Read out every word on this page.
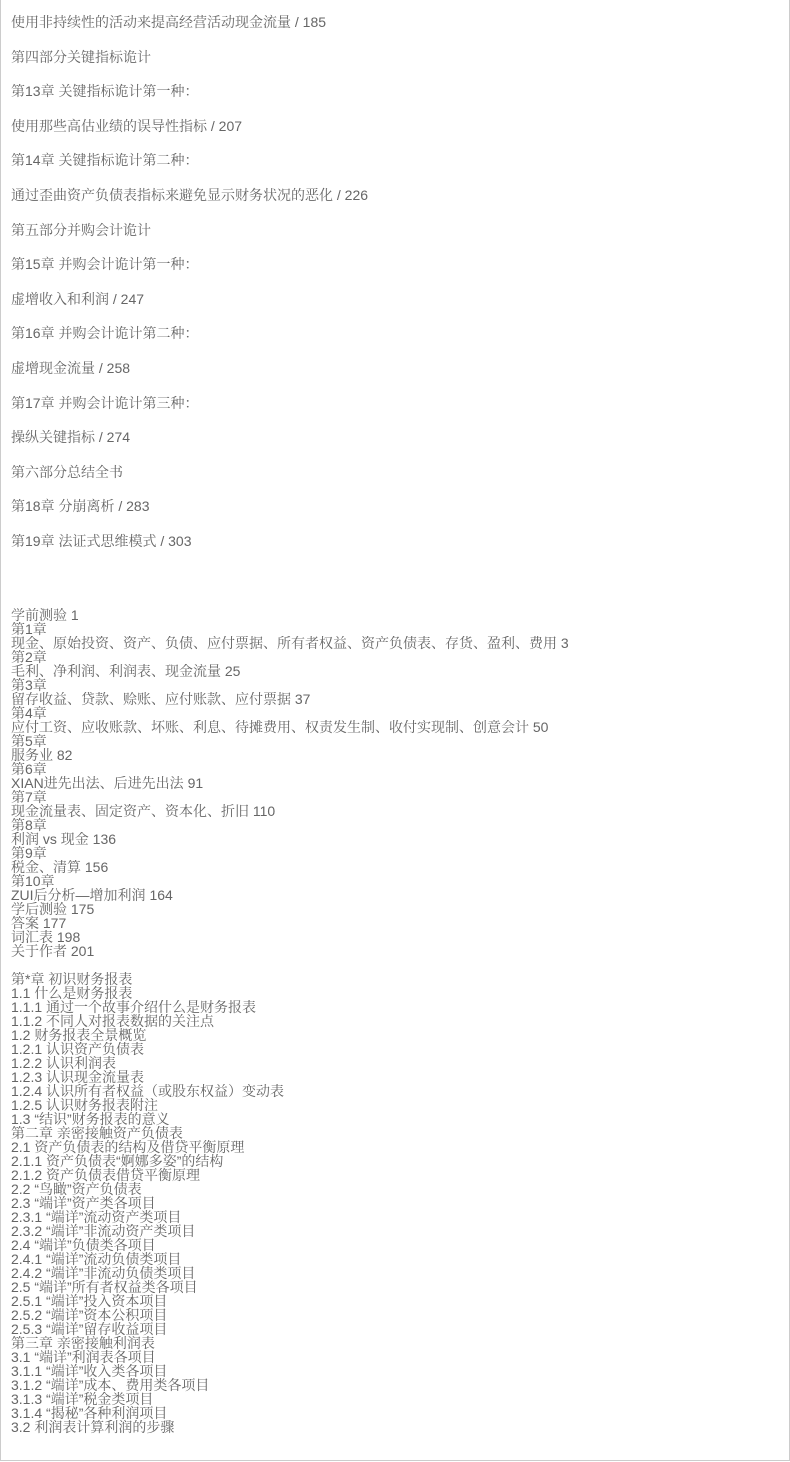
使用非持续性的活动来提高经营活动现金流量 / 185
第四部分关键指标诡计
第13章 关键指标诡计第一种：
使用那些高估业绩的误导性指标 / 207
第14章 关键指标诡计第二种：
通过歪曲资产负债表指标来避免显示财务状况的恶化 / 226
第五部分并购会计诡计
第15章 并购会计诡计第一种：
虚增收入和利润 / 247
第16章 并购会计诡计第二种：
虚增现金流量 / 258
第17章 并购会计诡计第三种：
操纵关键指标 / 274
第六部分总结全书
第18章 分崩离析 / 283
第19章 法证式思维模式 / 303
学前测验 1
第1章
现金、原始投资、资产、负债、应付票据、所有者权益、资产负债表、存货、盈利、费用 3
第2章
毛利、净利润、利润表、现金流量 25
第3章
留存收益、贷款、赊账、应付账款、应付票据 37
第4章
应付工资、应收账款、坏账、利息、待摊费用、权责发生制、收付实现制、创意会计 50
第5章
服务业 82
第6章
XIAN进先出法、后进先出法 91
第7章
现金流量表、固定资产、资本化、折旧 110
第8章
利润 vs 现金 136
第9章
税金、清算 156
第10章
ZUI后分析—增加利润 164
学后测验 175
答案 177
词汇表 198
关于作者 201
第*章 初识财务报表
1.1 什么是财务报表
1.1.1 通过一个故事介绍什么是财务报表
1.1.2 不同人对报表数据的关注点
1.2 财务报表全景概览
1.2.1 认识资产负债表
1.2.2 认识利润表
1.2.3 认识现金流量表
1.2.4 认识所有者权益（或股东权益）变动表
1.2.5 认识财务报表附注
1.3 “结识”财务报表的意义
第二章 亲密接触资产负债表
2.1 资产负债表的结构及借贷平衡原理
2.1.1 资产负债表“婀娜多姿”的结构
2.1.2 资产负债表借贷平衡原理
2.2 “鸟瞰”资产负债表
2.3 “端详”资产类各项目
2.3.1 “端详”流动资产类项目
2.3.2 “端详”非流动资产类项目
2.4 “端详”负债类各项目
2.4.1 “端详”流动负债类项目
2.4.2 “端详”非流动负债类项目
2.5 “端详”所有者权益类各项目
2.5.1 “端详”投入资本项目
2.5.2 “端详”资本公积项目
2.5.3 “端详”留存收益项目
第三章 亲密接触利润表
3.1 “端详”利润表各项目
3.1.1 “端详”收入类各项目
3.1.2 “端详”成本、费用类各项目
3.1.3 “端详”税金类项目
3.1.4 “揭秘”各种利润项目
3.2 利润表计算利润的步骤
